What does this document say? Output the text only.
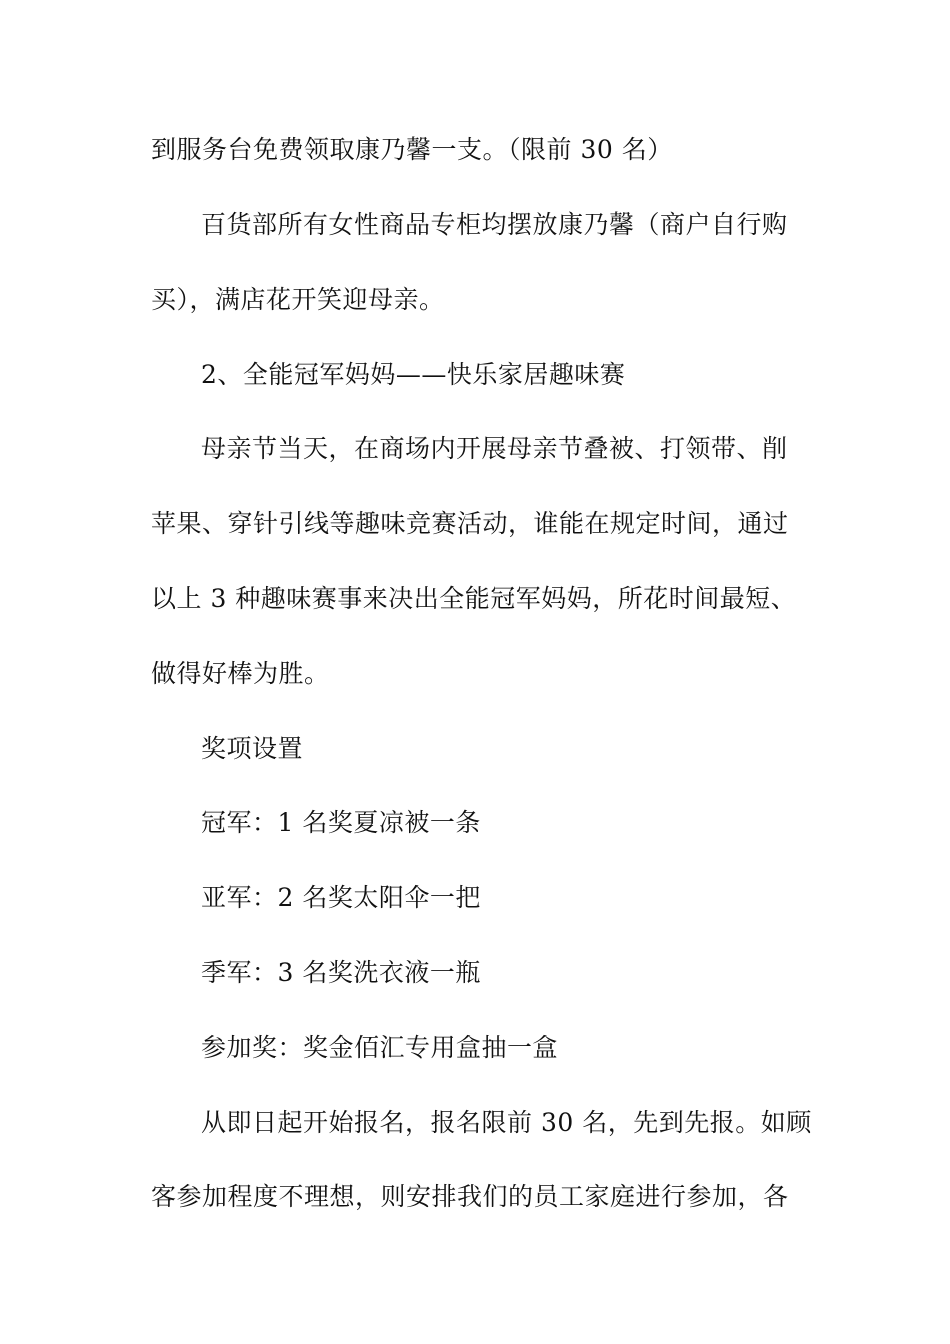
到服务台免费领取康乃馨一支。（限前 30 名）
百货部所有女性商品专柜均摆放康乃馨（商户自行购
买），满店花开笑迎母亲。
2、全能冠军妈妈——快乐家居趣味赛
母亲节当天，在商场内开展母亲节叠被、打领带、削
苹果、穿针引线等趣味竞赛活动，谁能在规定时间，通过
以上 3 种趣味赛事来决出全能冠军妈妈，所花时间最短、
做得好棒为胜。
奖项设置
冠军：1 名奖夏凉被一条
亚军：2 名奖太阳伞一把
季军：3 名奖洗衣液一瓶
参加奖：奖金佰汇专用盒抽一盒
从即日起开始报名，报名限前 30 名，先到先报。如顾
客参加程度不理想，则安排我们的员工家庭进行参加，各
